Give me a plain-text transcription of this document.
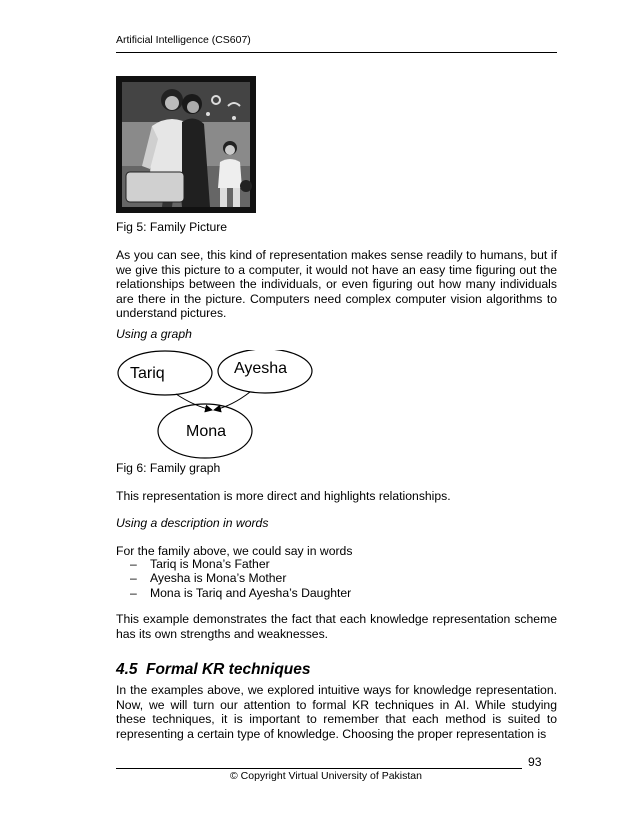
Artificial Intelligence (CS607)
Fig 5: Family Picture
As you can see, this kind of representation makes sense readily to humans, but if we give this picture to a computer, it would not have an easy time figuring out the relationships between the individuals, or even figuring out how many individuals are there in the picture. Computers need complex computer vision algorithms to understand pictures.
Using a graph
Tariq	Ayesha
Mona
Fig 6: Family graph
This representation is more direct and highlights relationships.
Using a description in words
For the family above, we could say in words
– Tariq is Mona’s Father
– Ayesha is Mona’s Mother
– Mona is Tariq and Ayesha’s Daughter
This example demonstrates the fact that each knowledge representation scheme has its own strengths and weaknesses.
4.5 Formal KR techniques
In the examples above, we explored intuitive ways for knowledge representation. Now, we will turn our attention to formal KR techniques in AI. While studying these techniques, it is important to remember that each method is suited to representing a certain type of knowledge. Choosing the proper representation is
93
© Copyright Virtual University of Pakistan
